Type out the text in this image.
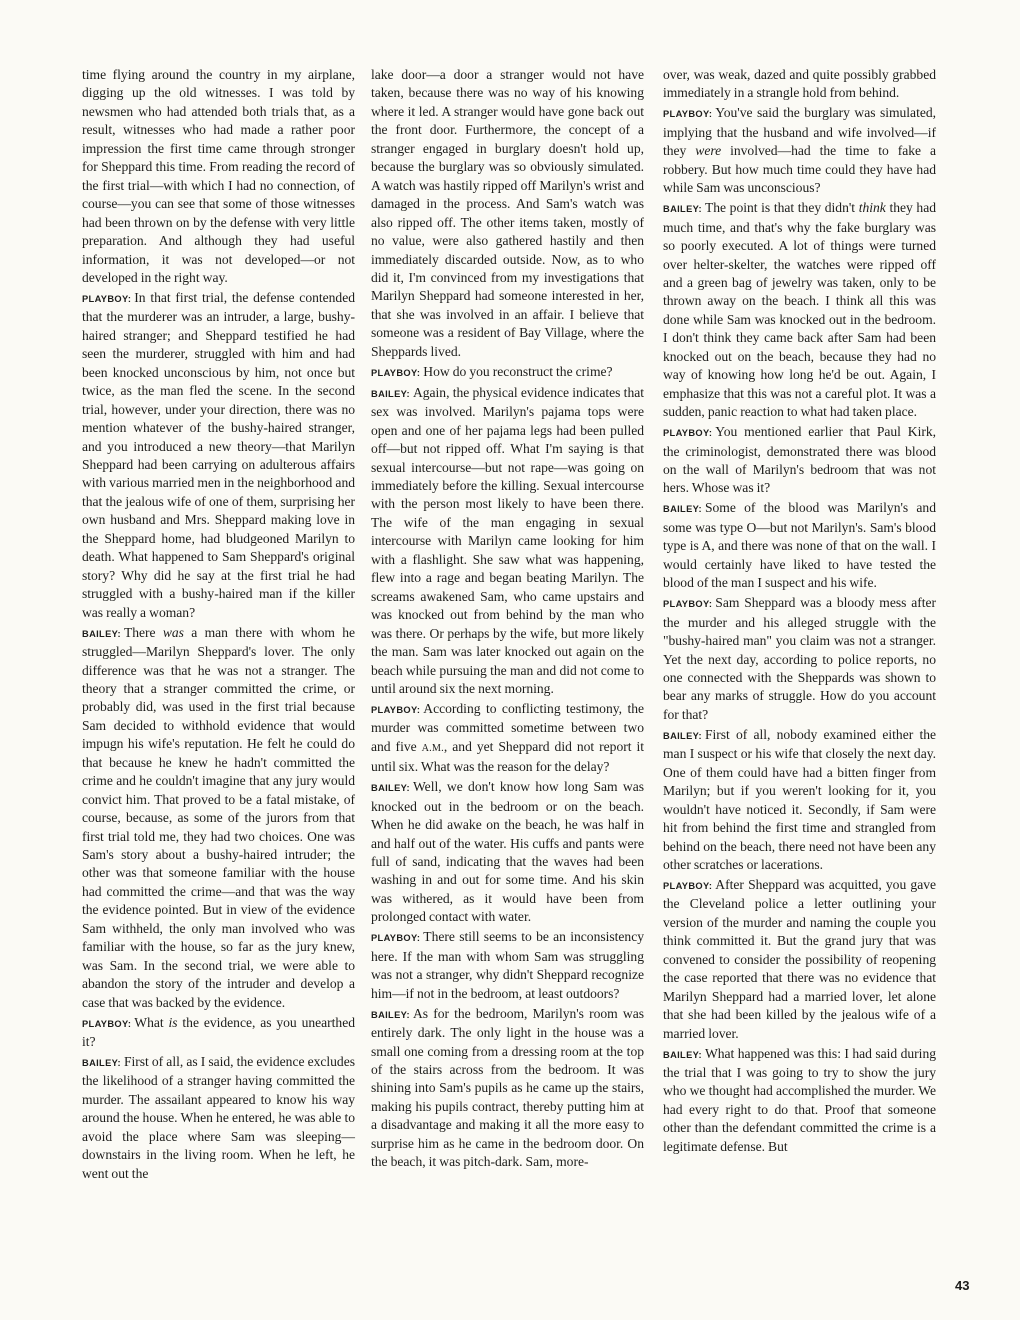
time flying around the country in my airplane, digging up the old witnesses. I was told by newsmen who had attended both trials that, as a result, witnesses who had made a rather poor impression the first time came through stronger for Sheppard this time. From reading the record of the first trial—with which I had no connection, of course—you can see that some of those witnesses had been thrown on by the defense with very little preparation. And although they had useful information, it was not developed—or not developed in the right way.

PLAYBOY: In that first trial, the defense contended that the murderer was an intruder, a large, bushy-haired stranger; and Sheppard testified he had seen the murderer, struggled with him and had been knocked unconscious by him, not once but twice, as the man fled the scene. In the second trial, however, under your direction, there was no mention whatever of the bushy-haired stranger, and you introduced a new theory—that Marilyn Sheppard had been carrying on adulterous affairs with various married men in the neighborhood and that the jealous wife of one of them, surprising her own husband and Mrs. Sheppard making love in the Sheppard home, had bludgeoned Marilyn to death. What happened to Sam Sheppard's original story? Why did he say at the first trial he had struggled with a bushy-haired man if the killer was really a woman?

BAILEY: There was a man there with whom he struggled—Marilyn Sheppard's lover. The only difference was that he was not a stranger. The theory that a stranger committed the crime, or probably did, was used in the first trial because Sam decided to withhold evidence that would impugn his wife's reputation. He felt he could do that because he knew he hadn't committed the crime and he couldn't imagine that any jury would convict him. That proved to be a fatal mistake, of course, because, as some of the jurors from that first trial told me, they had two choices. One was Sam's story about a bushy-haired intruder; the other was that someone familiar with the house had committed the crime—and that was the way the evidence pointed. But in view of the evidence Sam withheld, the only man involved who was familiar with the house, so far as the jury knew, was Sam. In the second trial, we were able to abandon the story of the intruder and develop a case that was backed by the evidence.

PLAYBOY: What is the evidence, as you unearthed it?

BAILEY: First of all, as I said, the evidence excludes the likelihood of a stranger having committed the murder. The assailant appeared to know his way around the house. When he entered, he was able to avoid the place where Sam was sleeping—downstairs in the living room. When he left, he went out the

lake door—a door a stranger would not have taken, because there was no way of his knowing where it led. A stranger would have gone back out the front door. Furthermore, the concept of a stranger engaged in burglary doesn't hold up, because the burglary was so obviously simulated. A watch was hastily ripped off Marilyn's wrist and damaged in the process. And Sam's watch was also ripped off. The other items taken, mostly of no value, were also gathered hastily and then immediately discarded outside. Now, as to who did it, I'm convinced from my investigations that Marilyn Sheppard had someone interested in her, that she was involved in an affair. I believe that someone was a resident of Bay Village, where the Sheppards lived.

PLAYBOY: How do you reconstruct the crime?

BAILEY: Again, the physical evidence indicates that sex was involved. Marilyn's pajama tops were open and one of her pajama legs had been pulled off—but not ripped off. What I'm saying is that sexual intercourse—but not rape—was going on immediately before the killing. Sexual intercourse with the person most likely to have been there. The wife of the man engaging in sexual intercourse with Marilyn came looking for him with a flashlight. She saw what was happening, flew into a rage and began beating Marilyn. The screams awakened Sam, who came upstairs and was knocked out from behind by the man who was there. Or perhaps by the wife, but more likely the man. Sam was later knocked out again on the beach while pursuing the man and did not come to until around six the next morning.

PLAYBOY: According to conflicting testimony, the murder was committed sometime between two and five A.M., and yet Sheppard did not report it until six. What was the reason for the delay?

BAILEY: Well, we don't know how long Sam was knocked out in the bedroom or on the beach. When he did awake on the beach, he was half in and half out of the water. His cuffs and pants were full of sand, indicating that the waves had been washing in and out for some time. And his skin was withered, as it would have been from prolonged contact with water.

PLAYBOY: There still seems to be an inconsistency here. If the man with whom Sam was struggling was not a stranger, why didn't Sheppard recognize him—if not in the bedroom, at least outdoors?

BAILEY: As for the bedroom, Marilyn's room was entirely dark. The only light in the house was a small one coming from a dressing room at the top of the stairs across from the bedroom. It was shining into Sam's pupils as he came up the stairs, making his pupils contract, thereby putting him at a disadvantage and making it all the more easy to surprise him as he came in the bedroom door. On the beach, it was pitch-dark. Sam, more-

over, was weak, dazed and quite possibly grabbed immediately in a strangle hold from behind.

PLAYBOY: You've said the burglary was simulated, implying that the husband and wife involved—if they were involved—had the time to fake a robbery. But how much time could they have had while Sam was unconscious?

BAILEY: The point is that they didn't think they had much time, and that's why the fake burglary was so poorly executed. A lot of things were turned over helter-skelter, the watches were ripped off and a green bag of jewelry was taken, only to be thrown away on the beach. I think all this was done while Sam was knocked out in the bedroom. I don't think they came back after Sam had been knocked out on the beach, because they had no way of knowing how long he'd be out. Again, I emphasize that this was not a careful plot. It was a sudden, panic reaction to what had taken place.

PLAYBOY: You mentioned earlier that Paul Kirk, the criminologist, demonstrated there was blood on the wall of Marilyn's bedroom that was not hers. Whose was it?

BAILEY: Some of the blood was Marilyn's and some was type O—but not Marilyn's. Sam's blood type is A, and there was none of that on the wall. I would certainly have liked to have tested the blood of the man I suspect and his wife.

PLAYBOY: Sam Sheppard was a bloody mess after the murder and his alleged struggle with the "bushy-haired man" you claim was not a stranger. Yet the next day, according to police reports, no one connected with the Sheppards was shown to bear any marks of struggle. How do you account for that?

BAILEY: First of all, nobody examined either the man I suspect or his wife that closely the next day. One of them could have had a bitten finger from Marilyn; but if you weren't looking for it, you wouldn't have noticed it. Secondly, if Sam were hit from behind the first time and strangled from behind on the beach, there need not have been any other scratches or lacerations.

PLAYBOY: After Sheppard was acquitted, you gave the Cleveland police a letter outlining your version of the murder and naming the couple you think committed it. But the grand jury that was convened to consider the possibility of reopening the case reported that there was no evidence that Marilyn Sheppard had a married lover, let alone that she had been killed by the jealous wife of a married lover.

BAILEY: What happened was this: I had said during the trial that I was going to try to show the jury who we thought had accomplished the murder. We had every right to do that. Proof that someone other than the defendant committed the crime is a legitimate defense. But

43
